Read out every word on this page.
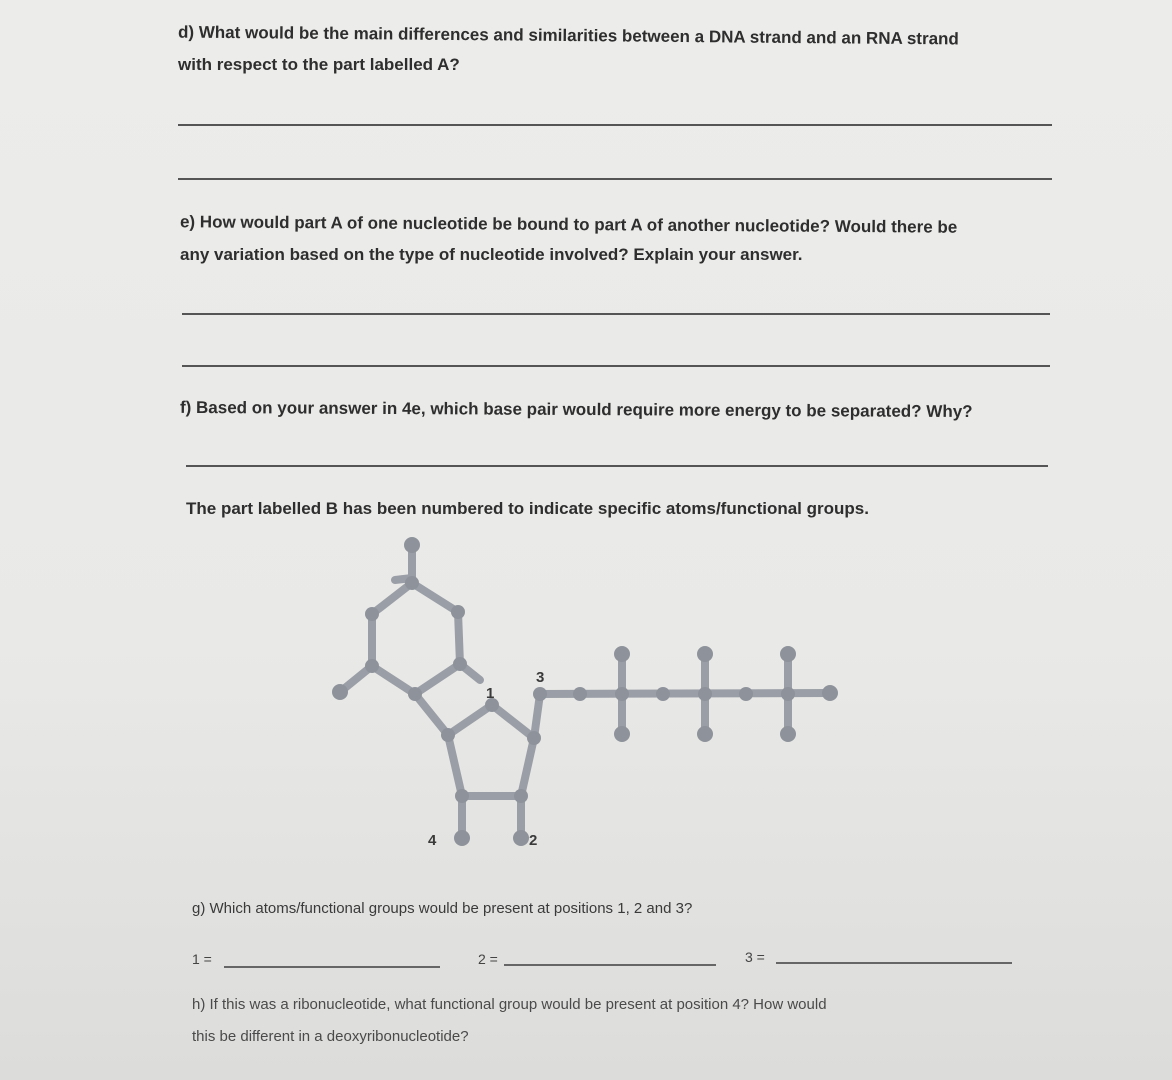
d) What would be the main differences and similarities between a DNA strand and an RNA strand

with respect to the part labelled A?

e) How would part A of one nucleotide be bound to part A of another nucleotide? Would there be

any variation based on the type of nucleotide involved? Explain your answer.

f) Based on your answer in 4e, which base pair would require more energy to be separated? Why?

The part labelled B has been numbered to indicate specific atoms/functional groups.

1
3
4	2

g) Which atoms/functional groups would be present at positions 1, 2 and 3?

1 =	2 =	3 =

h) If this was a ribonucleotide, what functional group would be present at position 4? How would

this be different in a deoxyribonucleotide?
